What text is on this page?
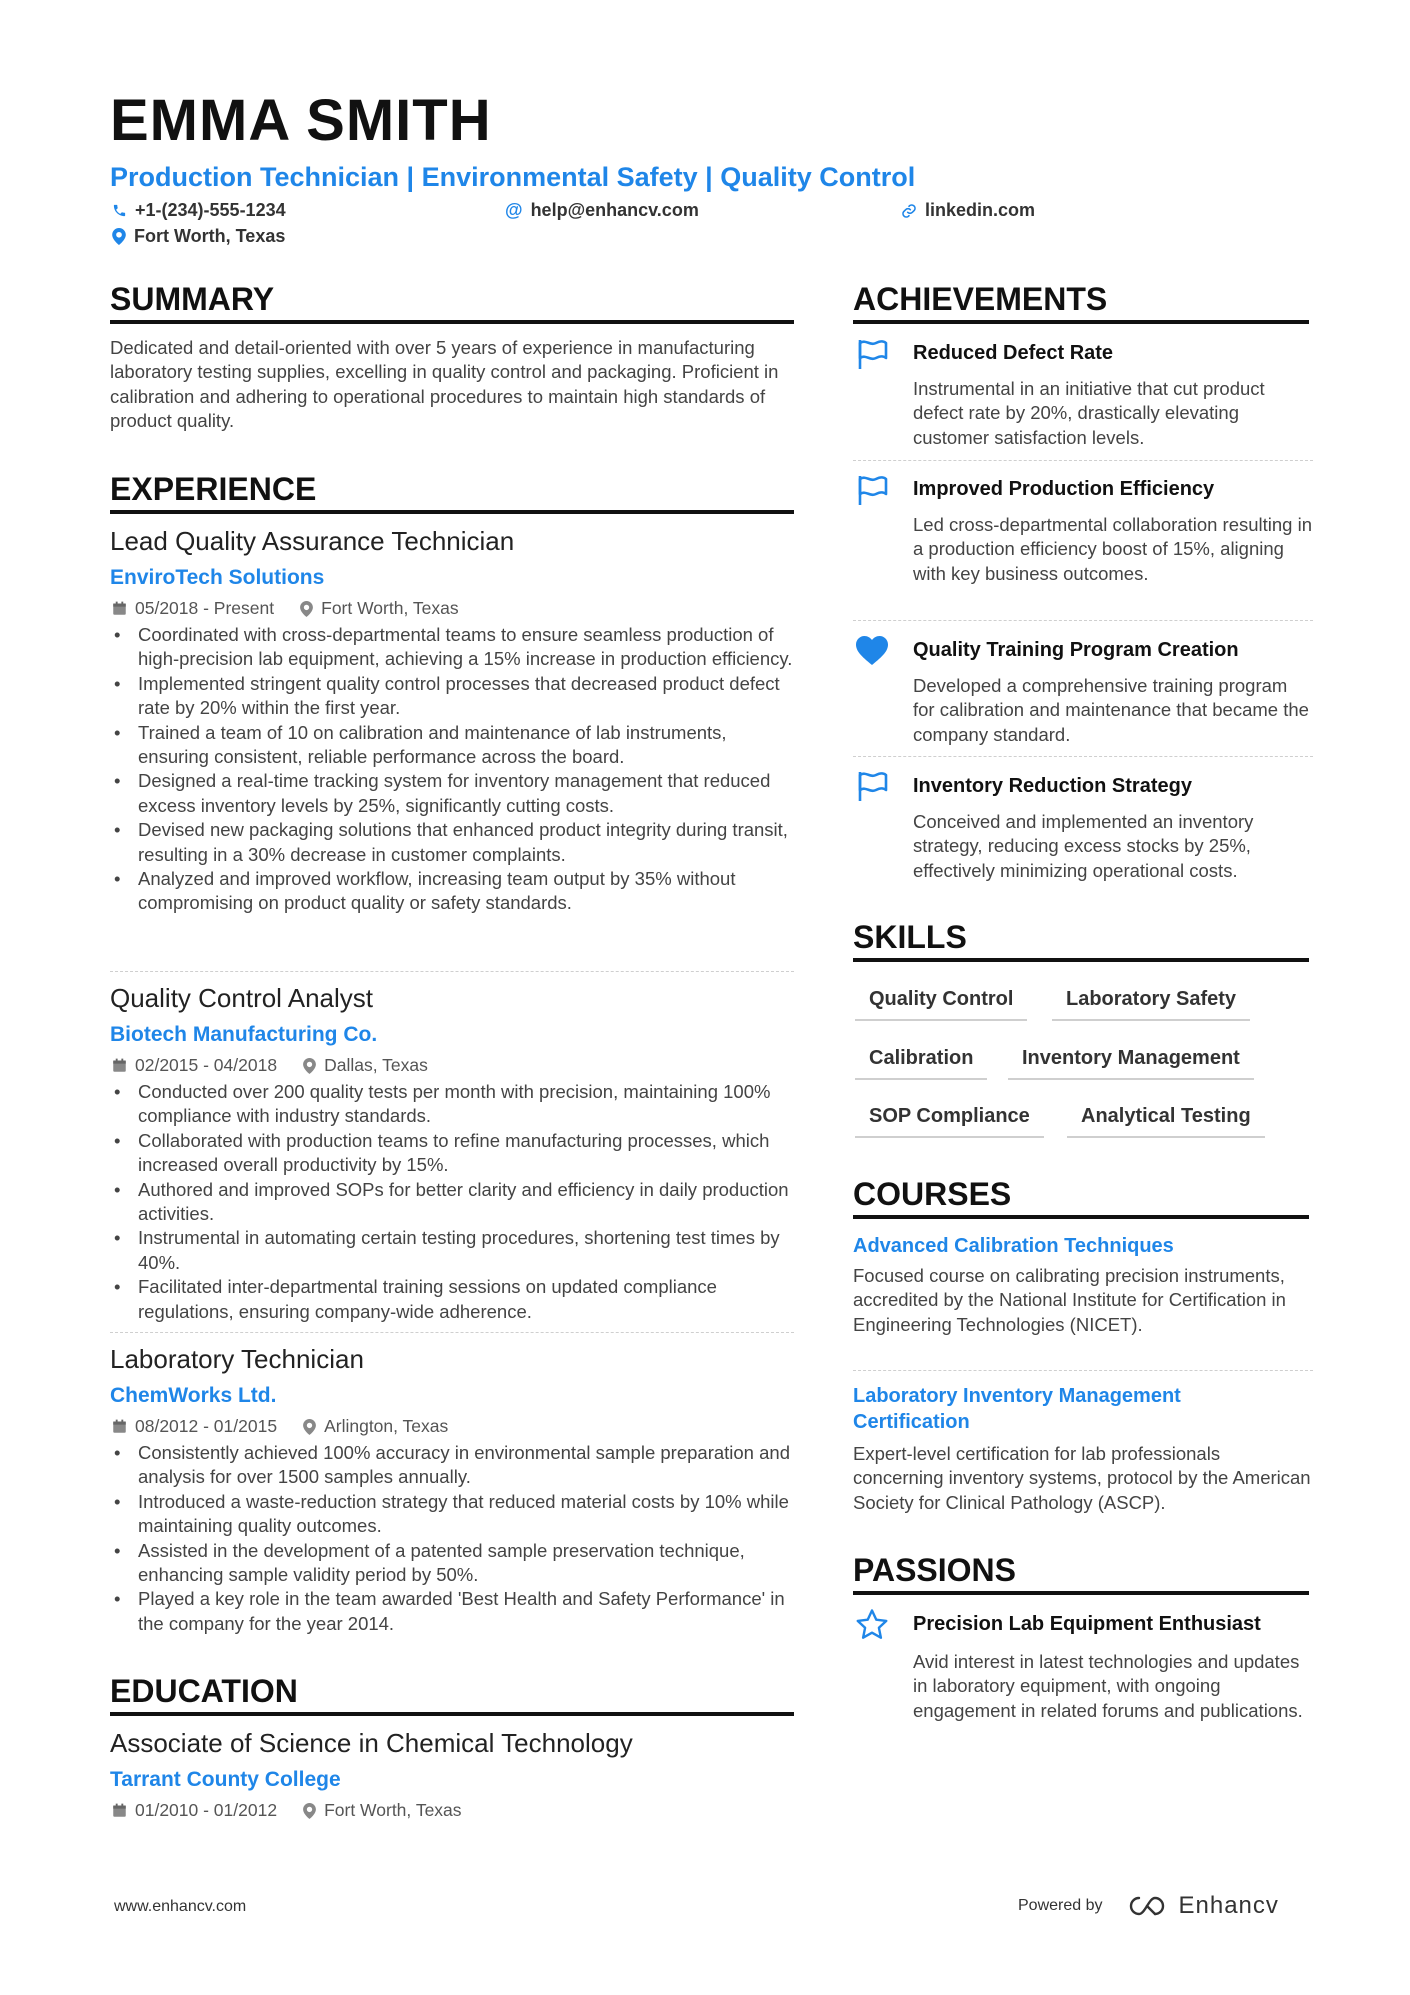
EMMA SMITH
Production Technician | Environmental Safety | Quality Control
+1-(234)-555-1234	@ help@enhancv.com	linkedin.com
Fort Worth, Texas
SUMMARY

Dedicated and detail-oriented with over 5 years of experience in manufacturing laboratory testing supplies, excelling in quality control and packaging. Proficient in calibration and adhering to operational procedures to maintain high standards of product quality.

EXPERIENCE
Lead Quality Assurance Technician
EnviroTech Solutions
05/2018 - Present	Fort Worth, Texas
• Coordinated with cross-departmental teams to ensure seamless production of high-precision lab equipment, achieving a 15% increase in production efficiency.
• Implemented stringent quality control processes that decreased product defect rate by 20% within the first year.
• Trained a team of 10 on calibration and maintenance of lab instruments, ensuring consistent, reliable performance across the board.
• Designed a real-time tracking system for inventory management that reduced excess inventory levels by 25%, significantly cutting costs.
• Devised new packaging solutions that enhanced product integrity during transit, resulting in a 30% decrease in customer complaints.
• Analyzed and improved workflow, increasing team output by 35% without compromising on product quality or safety standards.
Quality Control Analyst
Biotech Manufacturing Co.
02/2015 - 04/2018	Dallas, Texas
• Conducted over 200 quality tests per month with precision, maintaining 100% compliance with industry standards.
• Collaborated with production teams to refine manufacturing processes, which increased overall productivity by 15%.
• Authored and improved SOPs for better clarity and efficiency in daily production activities.
• Instrumental in automating certain testing procedures, shortening test times by 40%.
• Facilitated inter-departmental training sessions on updated compliance regulations, ensuring company-wide adherence.
Laboratory Technician
ChemWorks Ltd.
08/2012 - 01/2015	Arlington, Texas
• Consistently achieved 100% accuracy in environmental sample preparation and analysis for over 1500 samples annually.
• Introduced a waste-reduction strategy that reduced material costs by 10% while maintaining quality outcomes.
• Assisted in the development of a patented sample preservation technique, enhancing sample validity period by 50%.
• Played a key role in the team awarded 'Best Health and Safety Performance' in the company for the year 2014.
EDUCATION
Associate of Science in Chemical Technology
Tarrant County College
01/2010 - 01/2012	Fort Worth, Texas
ACHIEVEMENTS
Reduced Defect Rate

Instrumental in an initiative that cut product defect rate by 20%, drastically elevating customer satisfaction levels.

Improved Production Efficiency

Led cross-departmental collaboration resulting in a production efficiency boost of 15%, aligning with key business outcomes.

Quality Training Program Creation

Developed a comprehensive training program for calibration and maintenance that became the company standard.

Inventory Reduction Strategy

Conceived and implemented an inventory strategy, reducing excess stocks by 25%, effectively minimizing operational costs.

SKILLS
Quality Control	Laboratory Safety
Calibration	Inventory Management
SOP Compliance	Analytical Testing
COURSES
Advanced Calibration Techniques

Focused course on calibrating precision instruments, accredited by the National Institute for Certification in Engineering Technologies (NICET).

Laboratory Inventory Management Certification

Expert-level certification for lab professionals concerning inventory systems, protocol by the American Society for Clinical Pathology (ASCP).

PASSIONS
Precision Lab Equipment Enthusiast

Avid interest in latest technologies and updates in laboratory equipment, with ongoing engagement in related forums and publications.

www.enhancv.com	Powered by	Enhancv
